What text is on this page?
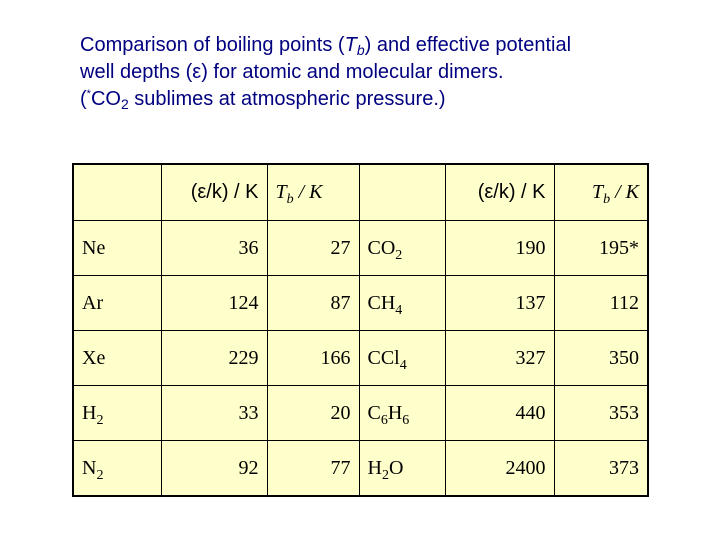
Comparison of boiling points $(T_b)$ and effective potential
well depths (ε) for atomic and molecular dimers.
($^*CO_2$ sublimes at atmospheric pressure.)
	(ε/k) / K	$T_b$ / K		(ε/k) / K	$T_b$ / K
Ne	36	27	$CO_2$	190	195*
Ar	124	87	$CH_4$	137	112
Xe	229	166	CCl$_4$	327	350
$H_2$	33	20	$C_6H_6$	440	353
$N_2$	92	77	$H_2O$	2400	373
